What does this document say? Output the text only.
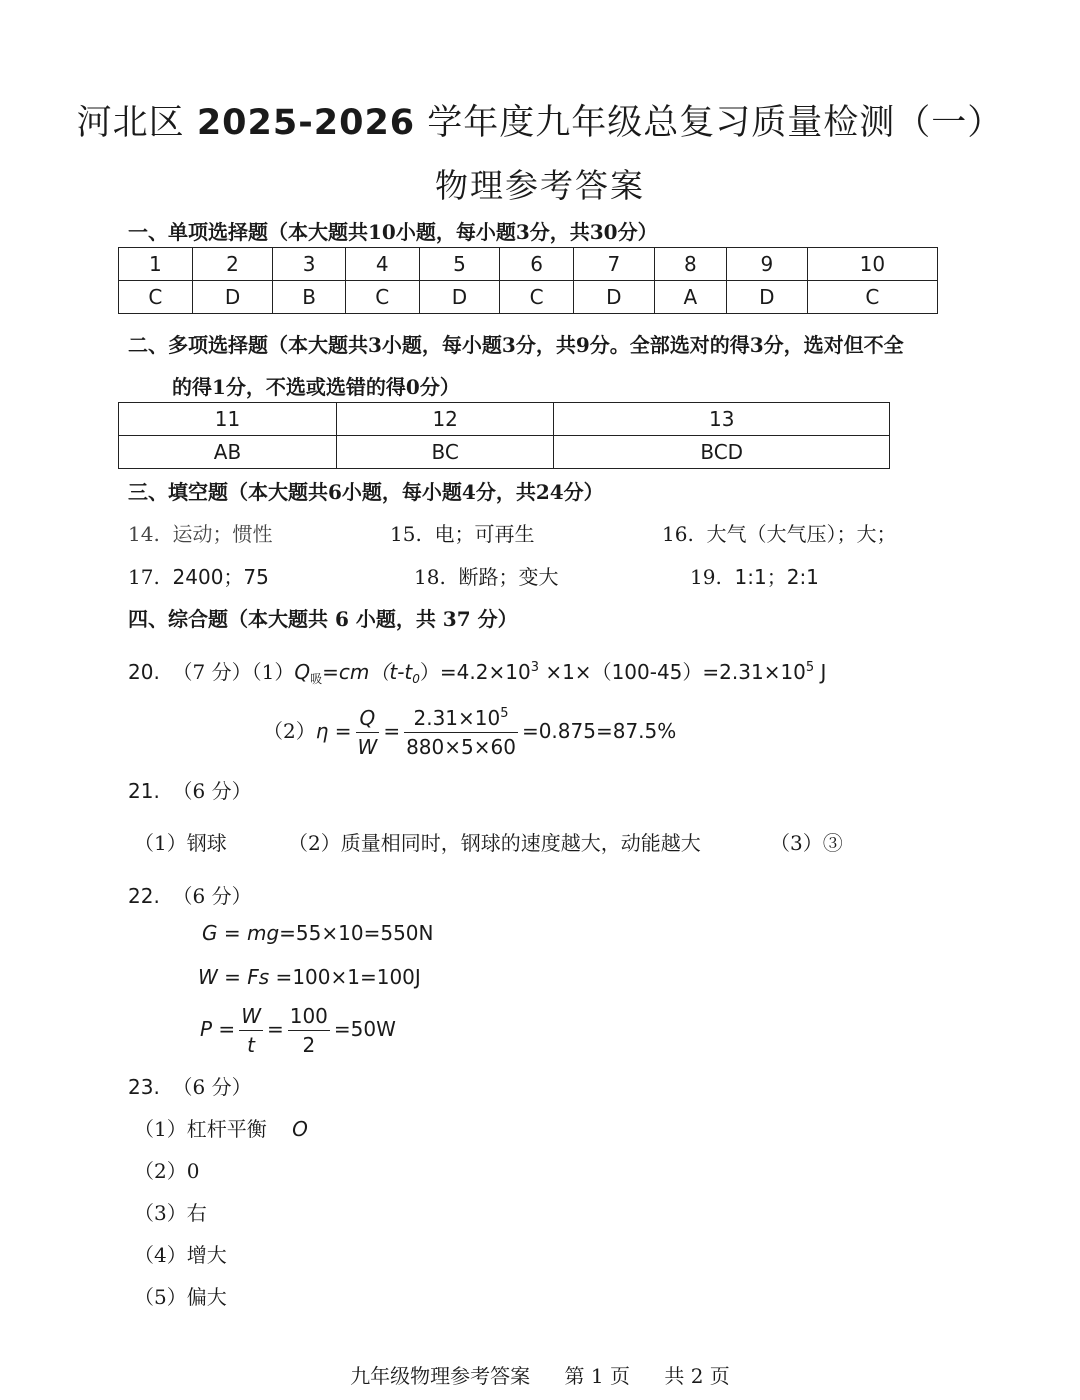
河北区 2025-2026 学年度九年级总复习质量检测（一）
物理参考答案
一、单项选择题（本大题共10小题，每小题3分，共30分）
1	2	3	4	5	6	7	8	9	10
C	D	B	C	D	C	D	A	D	C
二、多项选择题（本大题共3小题，每小题3分，共9分。全部选对的得3分，选对但不全
的得1分，不选或选错的得0分）
11	12	13
AB	BC	BCD
三、填空题（本大题共6小题，每小题4分，共24分）
14. 运动；惯性	15. 电；可再生	16. 大气（大气压）；大；
17. 2400；75	18. 断路；变大	19. 1:1；2:1
四、综合题（本大题共 6 小题，共 37 分）
20. （7 分）$(1)Q_吸=cm(t-t_0)=4.2\times 10^3 \times 1\times(100-45)=2.31\times 10^5$ J
$(2)\eta = \frac{Q}{W} = \frac{2.31\times 10^5}{880\times 5\times 60} =0.875=87.5\%$
21. （6 分）
（1）钢球	（2）质量相同时，钢球的速度越大，动能越大	（3）③
22. （6 分）
G = mg=55×10=550N
W = Fs =100×1=100J
$P = \frac{W}{t} = \frac{100}{2} =50W$
23. （6 分）
（1）杠杆平衡 O
（2）0
（3）右
（4）增大
（5）偏大
九年级物理参考答案 第 1 页 共 2 页
